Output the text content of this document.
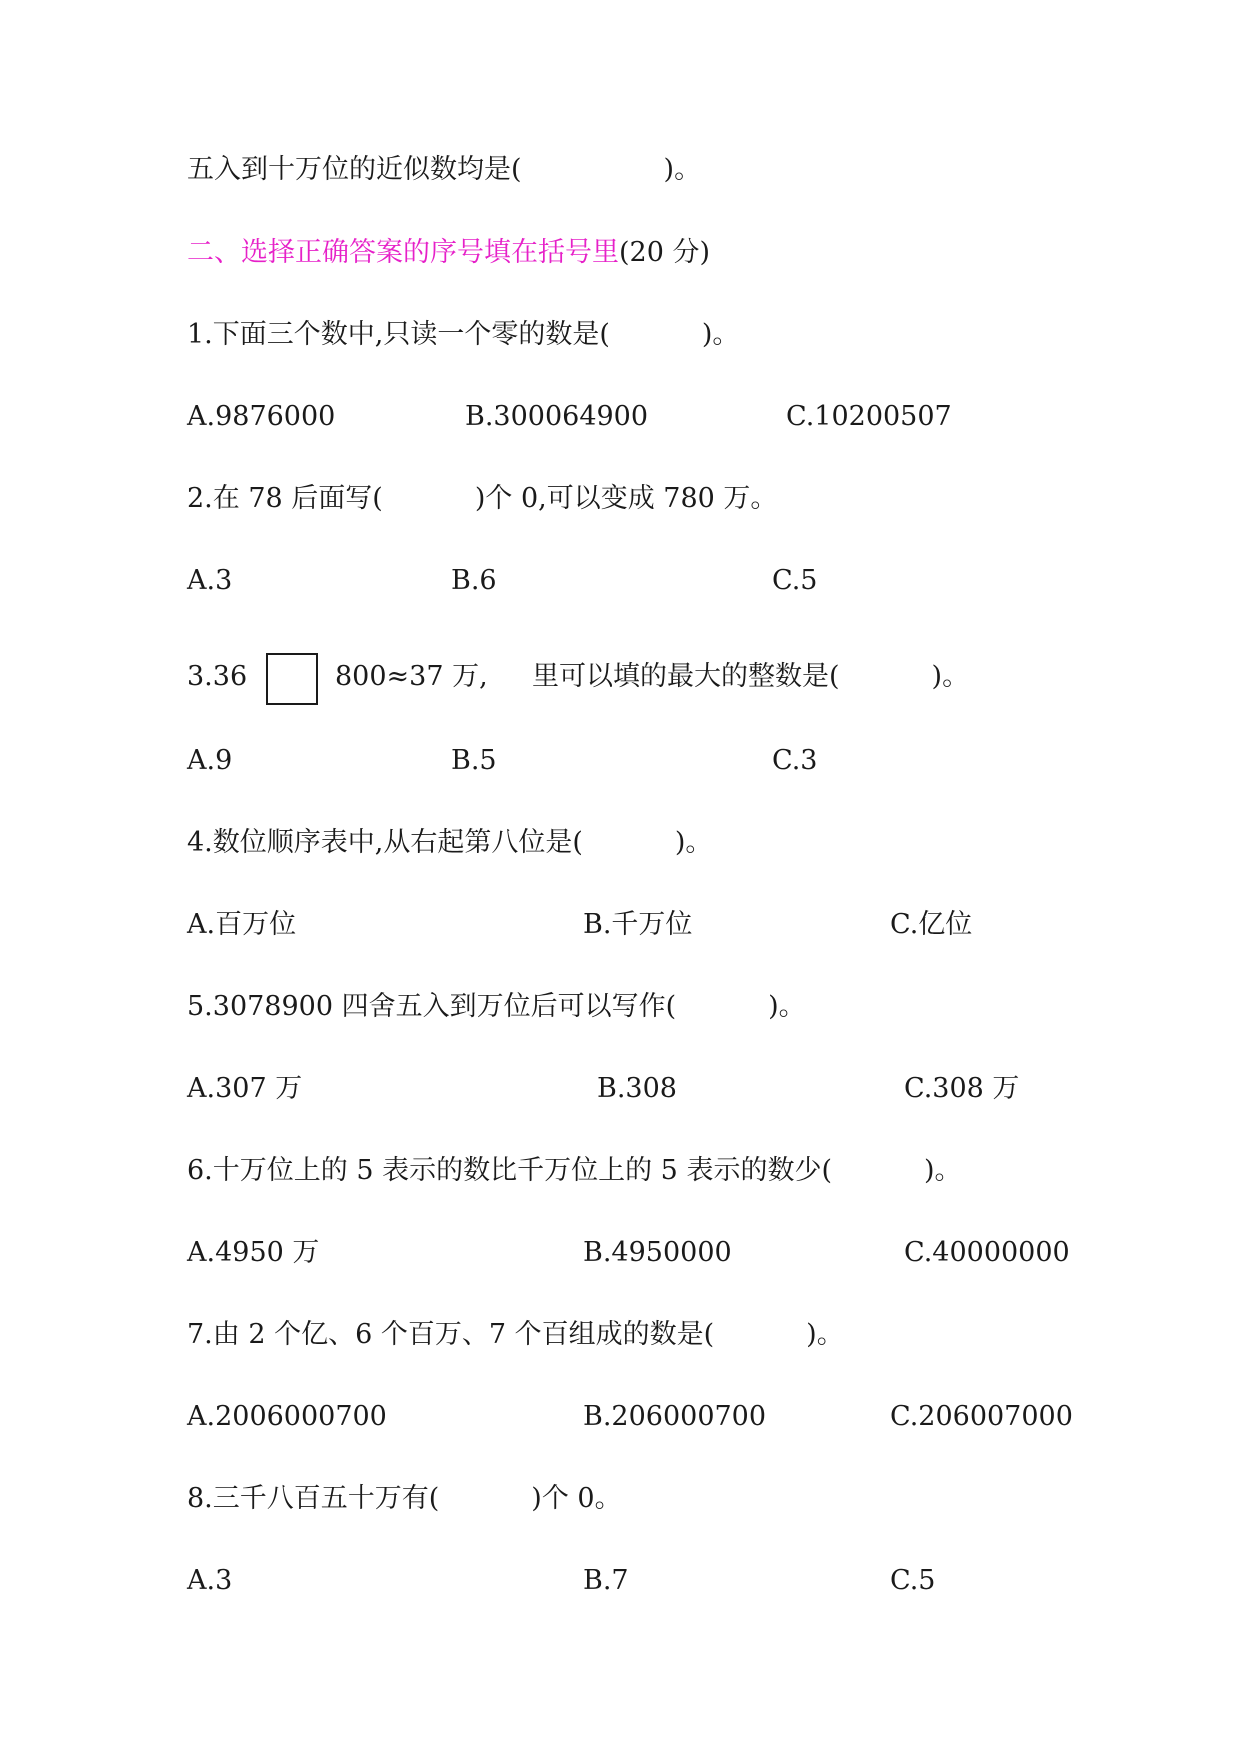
五入到十万位的近似数均是(	)。
二、选择正确答案的序号填在括号里(20 分)
1.下面三个数中,只读一个零的数是(	)。
A.9876000	B.300064900	C.10200507
2.在 78 后面写(	)个 0,可以变成 780 万。
A.3	B.6	C.5
3.36	800≈37 万, 里可以填的最大的整数是(	)。
A.9	B.5	C.3
4.数位顺序表中,从右起第八位是(	)。
A.百万位	B.千万位	C.亿位
5.3078900 四舍五入到万位后可以写作(	)。
A.307 万	B.308	C.308 万
6.十万位上的 5 表示的数比千万位上的 5 表示的数少(	)。
A.4950 万	B.4950000	C.40000000
7.由 2 个亿、6 个百万、7 个百组成的数是(	)。
A.2006000700	B.206000700	C.206007000
8.三千八百五十万有(	)个 0。
A.3	B.7	C.5
